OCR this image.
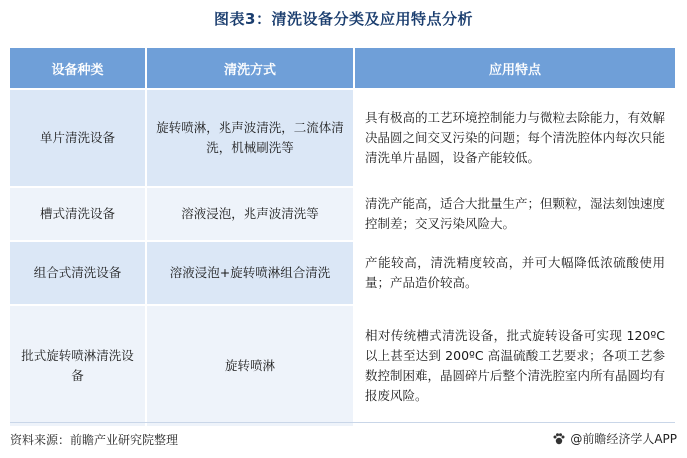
图表3：清洗设备分类及应用特点分析
设备种类	清洗方式	应用特点
单片清洗设备	旋转喷淋，兆声波清洗，二流体清洗，机械刷洗等	具有极高的工艺环境控制能力与微粒去除能力，有效解决晶圆之间交叉污染的问题；每个清洗腔体内每次只能清洗单片晶圆，设备产能较低。
槽式清洗设备	溶液浸泡，兆声波清洗等	清洗产能高，适合大批量生产；但颗粒，湿法刻蚀速度控制差；交叉污染风险大。
组合式清洗设备	溶液浸泡+旋转喷淋组合清洗	产能较高，清洗精度较高，并可大幅降低浓硫酸使用量；产品造价较高。
批式旋转喷淋清洗设备	旋转喷淋	相对传统槽式清洗设备，批式旋转设备可实现 120ºC 以上甚至达到 200ºC 高温硫酸工艺要求；各项工艺参数控制困难，晶圆碎片后整个清洗腔室内所有晶圆均有报废风险。
资料来源：前瞻产业研究院整理	@前瞻经济学人APP
